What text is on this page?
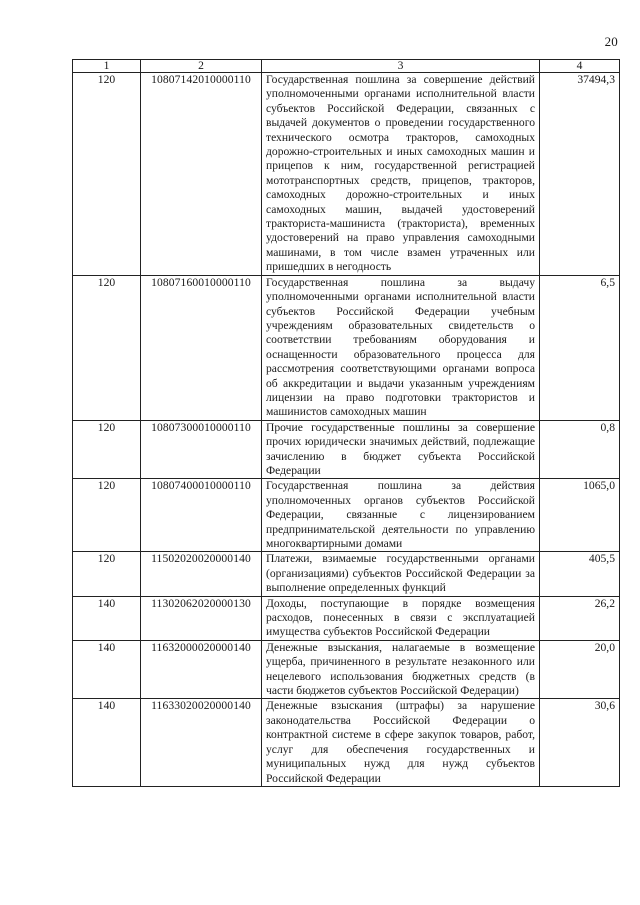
20
1	2	3	4
120	10807142010000110	Государственная пошлина за совершение действий уполномоченными органами исполнительной власти субъектов Российской Федерации, связанных с выдачей документов о проведении государственного технического осмотра тракторов, самоходных дорожно-строительных и иных самоходных машин и прицепов к ним, государственной регистрацией мототранспортных средств, прицепов, тракторов, самоходных дорожно-строительных и иных самоходных машин, выдачей удостоверений тракториста-машиниста (тракториста), временных удостоверений на право управления самоходными машинами, в том числе взамен утраченных или пришедших в негодность	37494,3
120	10807160010000110	Государственная пошлина за выдачу уполномоченными органами исполнительной власти субъектов Российской Федерации учебным учреждениям образовательных свидетельств о соответствии требованиям оборудования и оснащенности образовательного процесса для рассмотрения соответствующими органами вопроса об аккредитации и выдачи указанным учреждениям лицензии на право подготовки трактористов и машинистов самоходных машин	6,5
120	10807300010000110	Прочие государственные пошлины за совершение прочих юридически значимых действий, подлежащие зачислению в бюджет субъекта Российской Федерации	0,8
120	10807400010000110	Государственная пошлина за действия уполномоченных органов субъектов Российской Федерации, связанные с лицензированием предпринимательской деятельности по управлению многоквартирными домами	1065,0
120	11502020020000140	Платежи, взимаемые государственными органами (организациями) субъектов Российской Федерации за выполнение определенных функций	405,5
140	11302062020000130	Доходы, поступающие в порядке возмещения расходов, понесенных в связи с эксплуатацией имущества субъектов Российской Федерации	26,2
140	11632000020000140	Денежные взыскания, налагаемые в возмещение ущерба, причиненного в результате незаконного или нецелевого использования бюджетных средств (в части бюджетов субъектов Российской Федерации)	20,0
140	11633020020000140	Денежные взыскания (штрафы) за нарушение законодательства Российской Федерации о контрактной системе в сфере закупок товаров, работ, услуг для обеспечения государственных и муниципальных нужд для нужд субъектов Российской Федерации	30,6
